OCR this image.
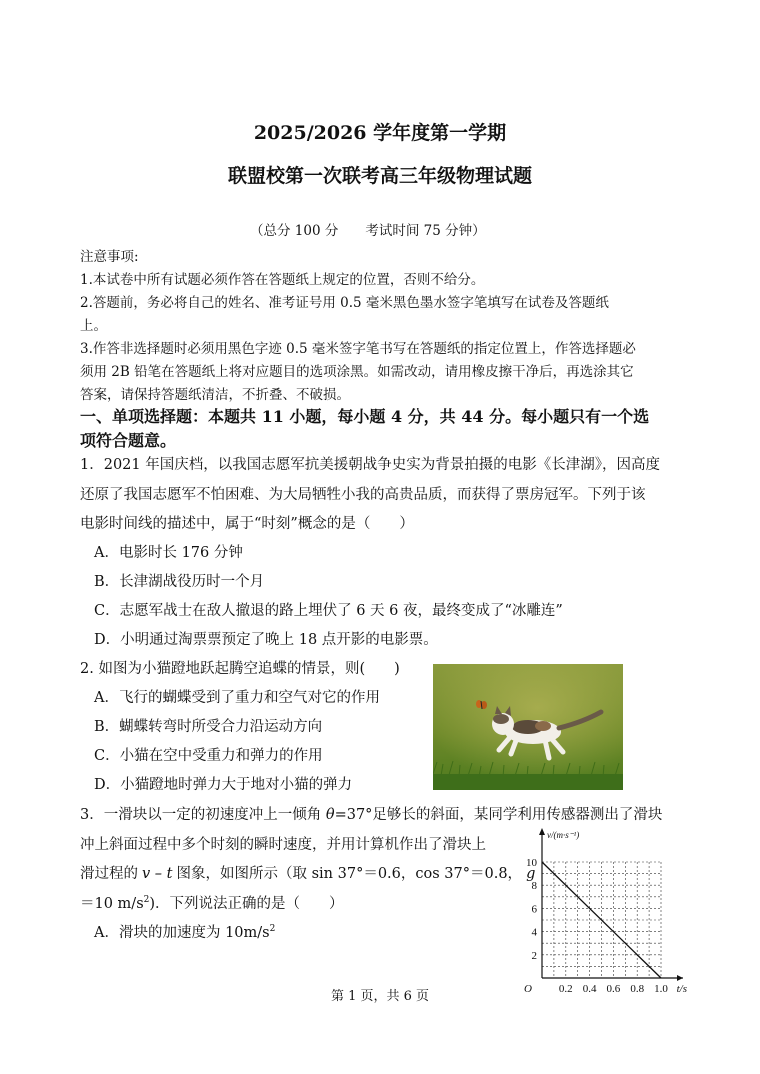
2025/2026 学年度第一学期
联盟校第一次联考高三年级物理试题
（总分 100 分　　考试时间 75 分钟）
注意事项:
1.本试卷中所有试题必须作答在答题纸上规定的位置，否则不给分。
2.答题前，务必将自己的姓名、准考证号用 0.5 毫米黑色墨水签字笔填写在试卷及答题纸
上。
3.作答非选择题时必须用黑色字迹 0.5 毫米签字笔书写在答题纸的指定位置上，作答选择题必
须用 2B 铅笔在答题纸上将对应题目的选项涂黑。如需改动，请用橡皮擦干净后，再选涂其它
答案，请保持答题纸清洁，不折叠、不破损。
一、单项选择题：本题共 11 小题，每小题 4 分，共 44 分。每小题只有一个选
项符合题意。
1．2021 年国庆档，以我国志愿军抗美援朝战争史实为背景拍摄的电影《长津湖》，因高度
还原了我国志愿军不怕困难、为大局牺牲小我的高贵品质，而获得了票房冠军。下列于该
电影时间线的描述中，属于“时刻”概念的是（　　）
A．电影时长 176 分钟
B．长津湖战役历时一个月
C．志愿军战士在敌人撤退的路上埋伏了 6 天 6 夜，最终变成了“冰雕连”
D．小明通过淘票票预定了晚上 18 点开影的电影票。
2. 如图为小猫蹬地跃起腾空追蝶的情景，则(　　)
A．飞行的蝴蝶受到了重力和空气对它的作用
B．蝴蝶转弯时所受合力沿运动方向
C．小猫在空中受重力和弹力的作用
D．小猫蹬地时弹力大于地对小猫的弹力
3．一滑块以一定的初速度冲上一倾角 θ=37°足够长的斜面，某同学利用传感器测出了滑块
冲上斜面过程中多个时刻的瞬时速度，并用计算机作出了滑块上
滑过程的 v – t 图象，如图所示（取 sin 37°＝0.6，cos 37°＝0.8， g
＝10 $m/s^2$)．下列说法正确的是（　　）
A．滑块的加速度为 $10m/s^2$
0.2 0.4 0.6 0.8 1.0
2
4
6
8
10
O	t/s
v/(m·s⁻¹)
第 1 页，共 6 页
